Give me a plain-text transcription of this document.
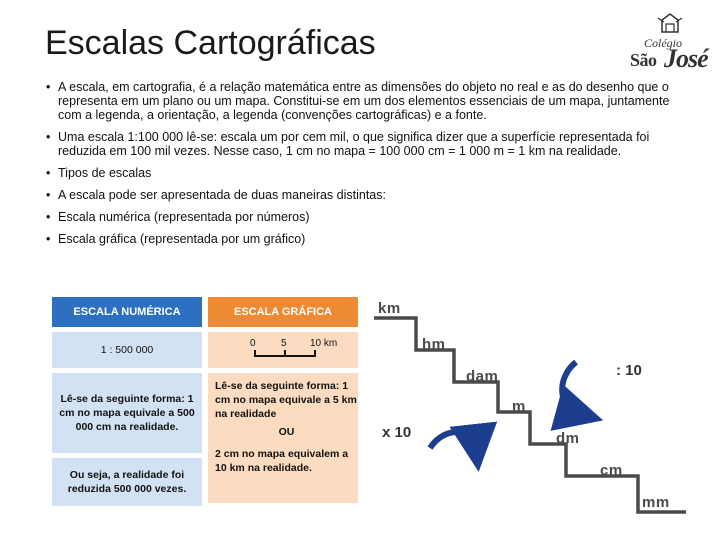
Escalas Cartográficas	Colégio
São José
• A escala, em cartografia, é a relação matemática entre as dimensões do objeto no real e as do desenho que o representa em um plano ou um mapa. Constitui-se em um dos elementos essenciais de um mapa, juntamente com a legenda, a orientação, a legenda (convenções cartográficas) e a fonte.
• Uma escala 1:100 000 lê-se: escala um por cem mil, o que significa dizer que a superfície representada foi reduzida em 100 mil vezes. Nesse caso, 1 cm no mapa = 100 000 cm = 1 000 m = 1 km na realidade.
• Tipos de escalas
• A escala pode ser apresentada de duas maneiras distintas:
• Escala numérica (representada por números)
• Escala gráfica (representada por um gráfico)
ESCALA NUMÉRICA
1 : 500 000
Lê-se da seguinte forma: 1 cm no mapa equivale a 500 000 cm na realidade.
Ou seja, a realidade foi reduzida 500 000 vezes.
ESCALA GRÁFICA
0	5 10 km
Lê-se da seguinte forma: 1 cm no mapa equivale a 5 km na realidade
OU
2 cm no mapa equivalem a 10 km na realidade.
km
hm
dam
m
dm
cm
mm
: 10
x 10
